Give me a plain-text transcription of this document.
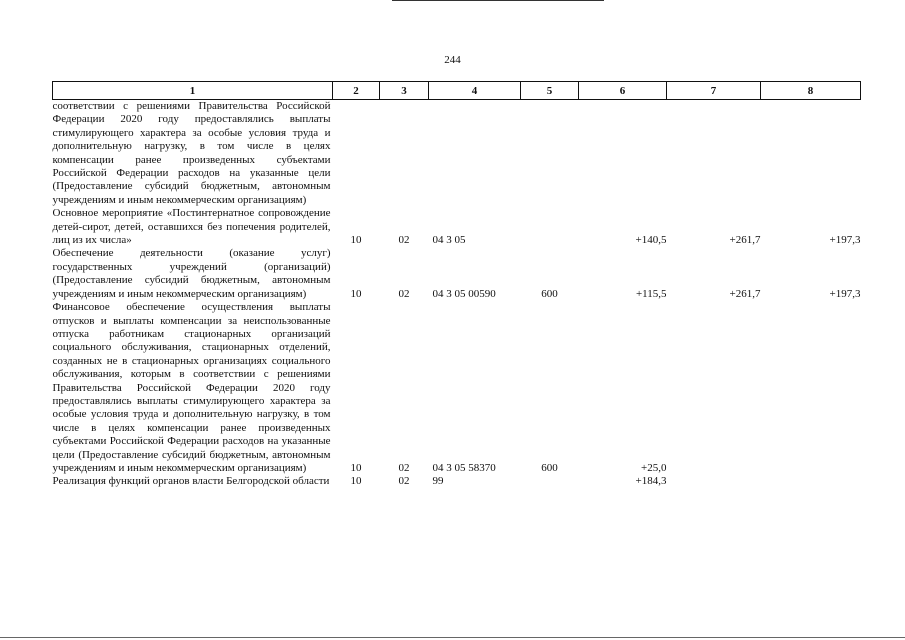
244
1	2	3	4	5	6	7	8
соответствии с решениями Правительства Российской Федерации 2020 году предоставлялись выплаты стимулирующего характера за особые условия труда и дополнительную нагрузку, в том числе в целях компенсации ранее произведенных субъектами Российской Федерации расходов на указанные цели (Предоставление субсидий бюджетным, автономным учреждениям и иным некоммерческим организациям)							
Основное мероприятие «Постинтернатное сопровождение детей-сирот, детей, оставшихся без попечения родителей, лиц из их числа»	10	02	04 3 05		+140,5	+261,7	+197,3
Обеспечение деятельности (оказание услуг) государственных учреждений (организаций) (Предоставление субсидий бюджетным, автономным учреждениям и иным некоммерческим организациям)	10	02	04 3 05 00590	600	+115,5	+261,7	+197,3
Финансовое обеспечение осуществления выплаты отпусков и выплаты компенсации за неиспользованные отпуска работникам стационарных организаций социального обслуживания, стационарных отделений, созданных не в стационарных организациях социального обслуживания, которым в соответствии с решениями Правительства Российской Федерации 2020 году предоставлялись выплаты стимулирующего характера за особые условия труда и дополнительную нагрузку, в том числе в целях компенсации ранее произведенных субъектами Российской Федерации расходов на указанные цели (Предоставление субсидий бюджетным, автономным учреждениям и иным некоммерческим организациям)	10	02	04 3 05 58370	600	+25,0		
Реализация функций органов власти Белгородской области	10	02	99		+184,3		
